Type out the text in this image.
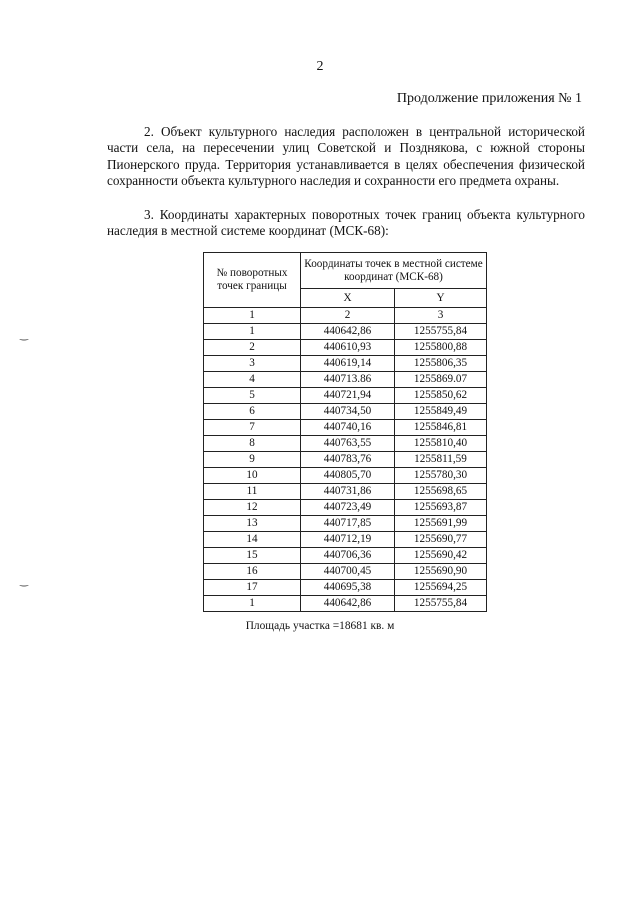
2
Продолжение приложения № 1

2. Объект культурного наследия расположен в центральной исторической части села, на пересечении улиц Советской и Позднякова, с южной стороны Пионерского пруда. Территория устанавливается в целях обеспечения физической сохранности объекта культурного наследия и сохранности его предмета охраны.

3. Координаты характерных поворотных точек границ объекта культурного наследия в местной системе координат (МСК-68):

№ поворотных точек границы	Координаты точек в местной системе координат (МСК-68)	
	X	Y
1	2	3
1	440642,86	1255755,84
2	440610,93	1255800,88
3	440619,14	1255806,35
4	440713.86	1255869.07
5	440721,94	1255850,62
6	440734,50	1255849,49
7	440740,16	1255846,81
8	440763,55	1255810,40
9	440783,76	1255811,59
10	440805,70	1255780,30
11	440731,86	1255698,65
12	440723,49	1255693,87
13	440717,85	1255691,99
14	440712,19	1255690,77
15	440706,36	1255690,42
16	440700,45	1255690,90
17	440695,38	1255694,25
1	440642,86	1255755,84
Площадь участка =18681 кв. м
‿
‿
